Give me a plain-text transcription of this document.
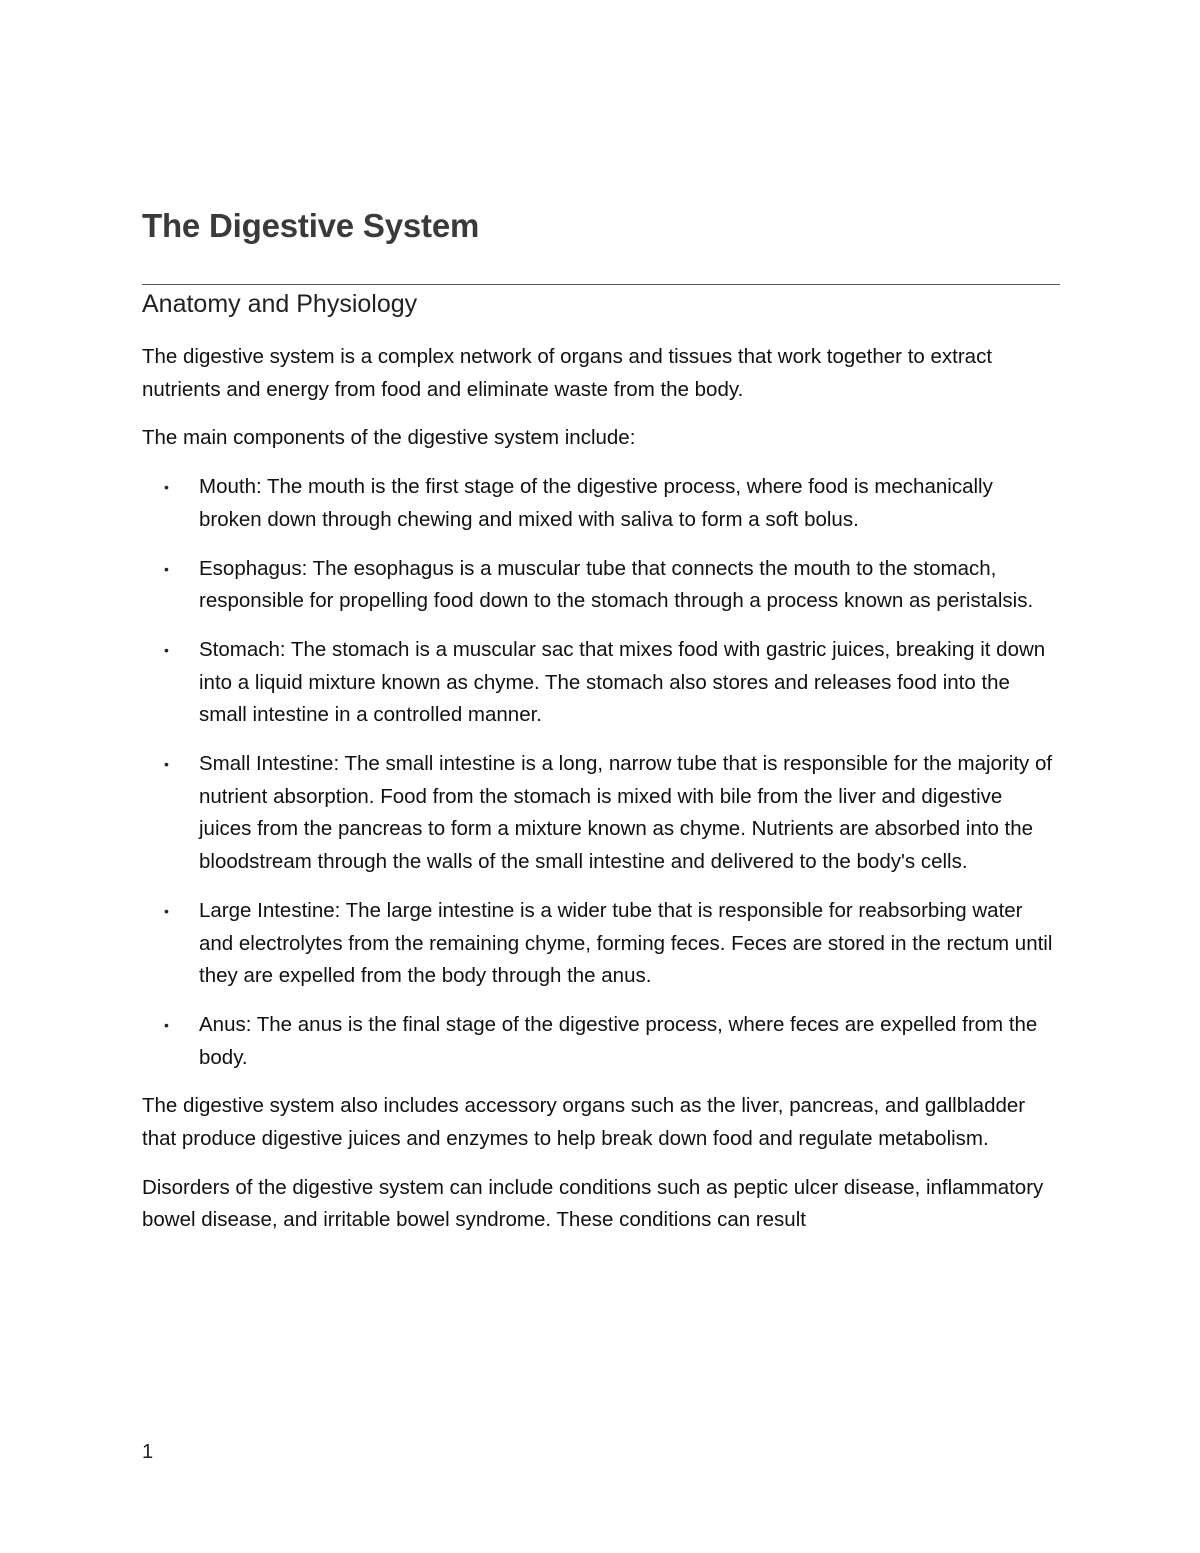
The Digestive System
Anatomy and Physiology

The digestive system is a complex network of organs and tissues that work together to extract nutrients and energy from food and eliminate waste from the body.

The main components of the digestive system include:

• Mouth: The mouth is the first stage of the digestive process, where food is mechanically broken down through chewing and mixed with saliva to form a soft bolus.
• Esophagus: The esophagus is a muscular tube that connects the mouth to the stomach, responsible for propelling food down to the stomach through a process known as peristalsis.
• Stomach: The stomach is a muscular sac that mixes food with gastric juices, breaking it down into a liquid mixture known as chyme. The stomach also stores and releases food into the small intestine in a controlled manner.
• Small Intestine: The small intestine is a long, narrow tube that is responsible for the majority of nutrient absorption. Food from the stomach is mixed with bile from the liver and digestive juices from the pancreas to form a mixture known as chyme. Nutrients are absorbed into the bloodstream through the walls of the small intestine and delivered to the body's cells.
• Large Intestine: The large intestine is a wider tube that is responsible for reabsorbing water and electrolytes from the remaining chyme, forming feces. Feces are stored in the rectum until they are expelled from the body through the anus.
• Anus: The anus is the final stage of the digestive process, where feces are expelled from the body.

The digestive system also includes accessory organs such as the liver, pancreas, and gallbladder that produce digestive juices and enzymes to help break down food and regulate metabolism.

Disorders of the digestive system can include conditions such as peptic ulcer disease, inflammatory bowel disease, and irritable bowel syndrome. These conditions can result

1
